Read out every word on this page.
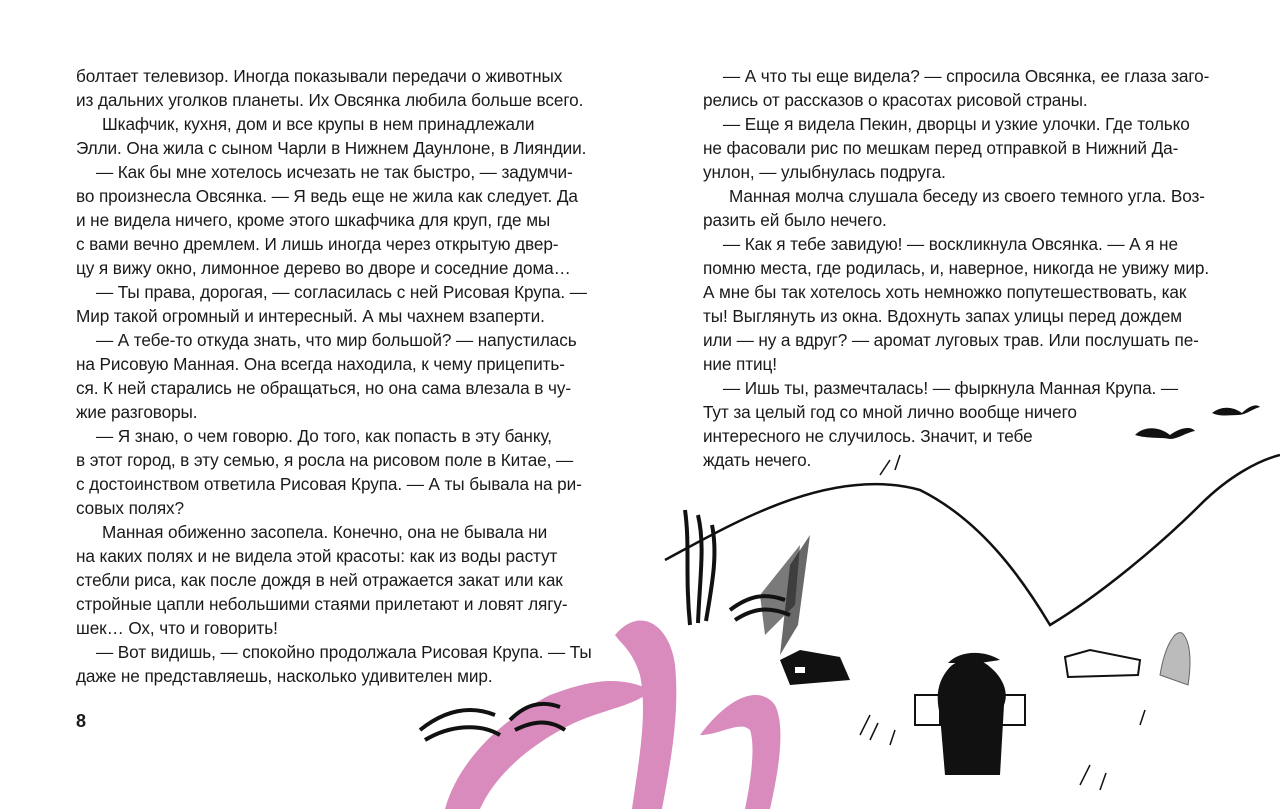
болтает телевизор. Иногда показывали передачи о животных
из дальних уголков планеты. Их Овсянка любила больше всего.
Шкафчик, кухня, дом и все крупы в нем принадлежали
Элли. Она жила с сыном Чарли в Нижнем Даунлоне, в Лияндии.
— Как бы мне хотелось исчезать не так быстро, — задумчи-
во произнесла Овсянка. — Я ведь еще не жила как следует. Да
и не видела ничего, кроме этого шкафчика для круп, где мы
с вами вечно дремлем. И лишь иногда через открытую двер-
цу я вижу окно, лимонное дерево во дворе и соседние дома…
— Ты права, дорогая, — согласилась с ней Рисовая Крупа. —
Мир такой огромный и интересный. А мы чахнем взаперти.
— А тебе-то откуда знать, что мир большой? — напустилась
на Рисовую Манная. Она всегда находила, к чему прицепить-
ся. К ней старались не обращаться, но она сама влезала в чу-
жие разговоры.
— Я знаю, о чем говорю. До того, как попасть в эту банку,
в этот город, в эту семью, я росла на рисовом поле в Китае, —
с достоинством ответила Рисовая Крупа. — А ты бывала на ри-
совых полях?
Манная обиженно засопела. Конечно, она не бывала ни
на каких полях и не видела этой красоты: как из воды растут
стебли риса, как после дождя в ней отражается закат или как
стройные цапли небольшими стаями прилетают и ловят лягу-
шек… Ох, что и говорить!
— Вот видишь, — спокойно продолжала Рисовая Крупа. — Ты
даже не представляешь, насколько удивителен мир.
8
— А что ты еще видела? — спросила Овсянка, ее глаза заго-
релись от рассказов о красотах рисовой страны.
— Еще я видела Пекин, дворцы и узкие улочки. Где только
не фасовали рис по мешкам перед отправкой в Нижний Да-
унлон, — улыбнулась подруга.
Манная молча слушала беседу из своего темного угла. Воз-
разить ей было нечего.
— Как я тебе завидую! — воскликнула Овсянка. — А я не
помню места, где родилась, и, наверное, никогда не увижу мир.
А мне бы так хотелось хоть немножко попутешествовать, как
ты! Выглянуть из окна. Вдохнуть запах улицы перед дождем
или — ну а вдруг? — аромат луговых трав. Или послушать пе-
ние птиц!
— Ишь ты, размечталась! — фыркнула Манная Крупа. —
Тут за целый год со мной лично вообще ничего
интересного не случилось. Значит, и тебе
ждать нечего.
